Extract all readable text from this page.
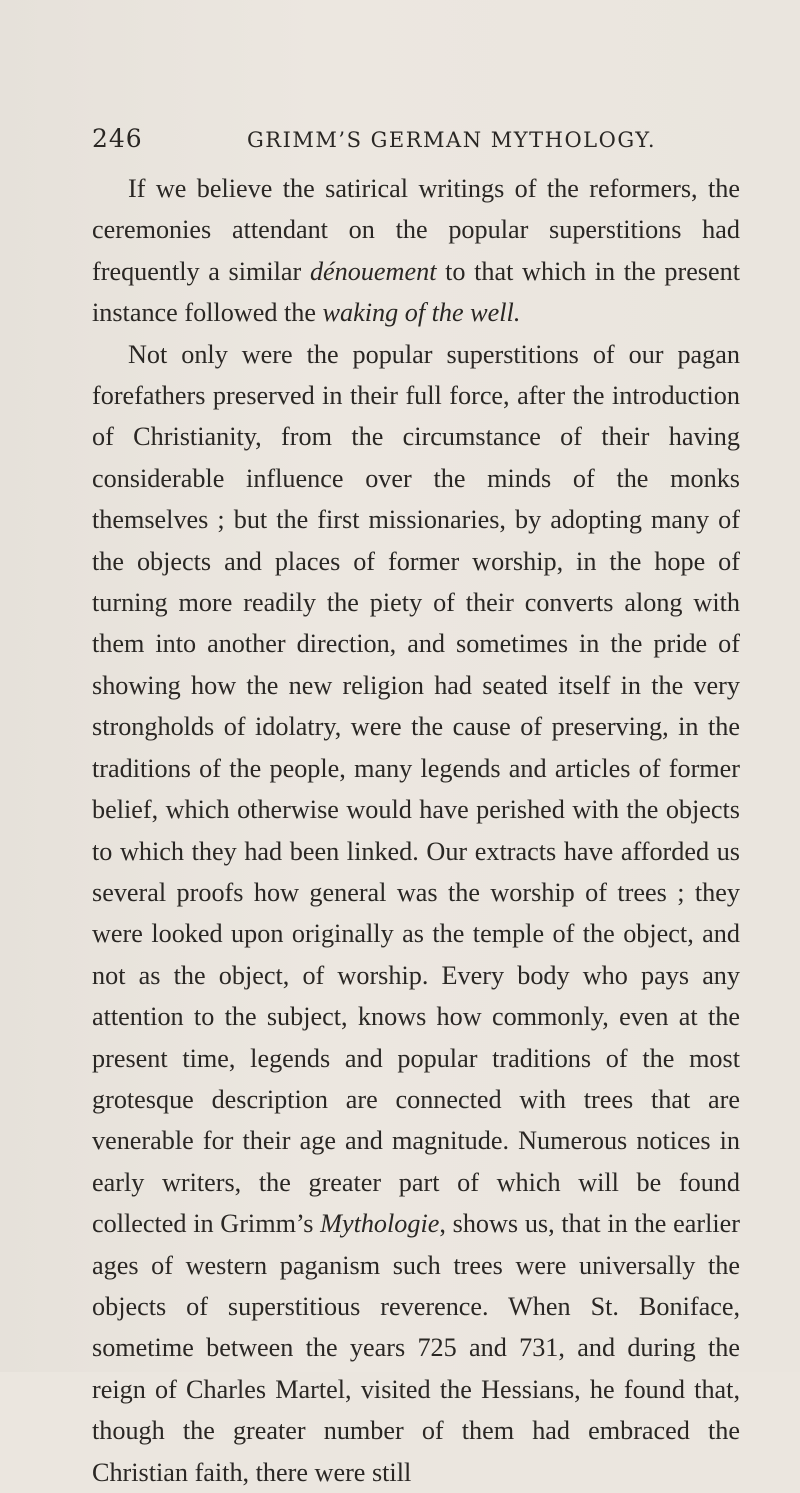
246	GRIMM’S GERMAN MYTHOLOGY.

If we believe the satirical writings of the reformers, the ceremonies attendant on the popular superstitions had frequently a similar dénouement to that which in the present instance followed the waking of the well.

Not only were the popular superstitions of our pagan forefathers preserved in their full force, after the introduction of Christianity, from the circumstance of their having considerable influence over the minds of the monks themselves ; but the first missionaries, by adopting many of the objects and places of former worship, in the hope of turning more readily the piety of their converts along with them into another direction, and sometimes in the pride of showing how the new religion had seated itself in the very strongholds of idolatry, were the cause of preserving, in the traditions of the people, many legends and articles of former belief, which otherwise would have perished with the objects to which they had been linked. Our extracts have afforded us several proofs how general was the worship of trees ; they were looked upon originally as the temple of the object, and not as the object, of worship. Every body who pays any attention to the subject, knows how commonly, even at the present time, legends and popular traditions of the most grotesque description are connected with trees that are venerable for their age and magnitude. Numerous notices in early writers, the greater part of which will be found collected in Grimm’s Mythologie, shows us, that in the earlier ages of western paganism such trees were universally the objects of superstitious reverence. When St. Boniface, sometime between the years 725 and 731, and during the reign of Charles Martel, visited the Hessians, he found that, though the greater number of them had embraced the Christian faith, there were still
